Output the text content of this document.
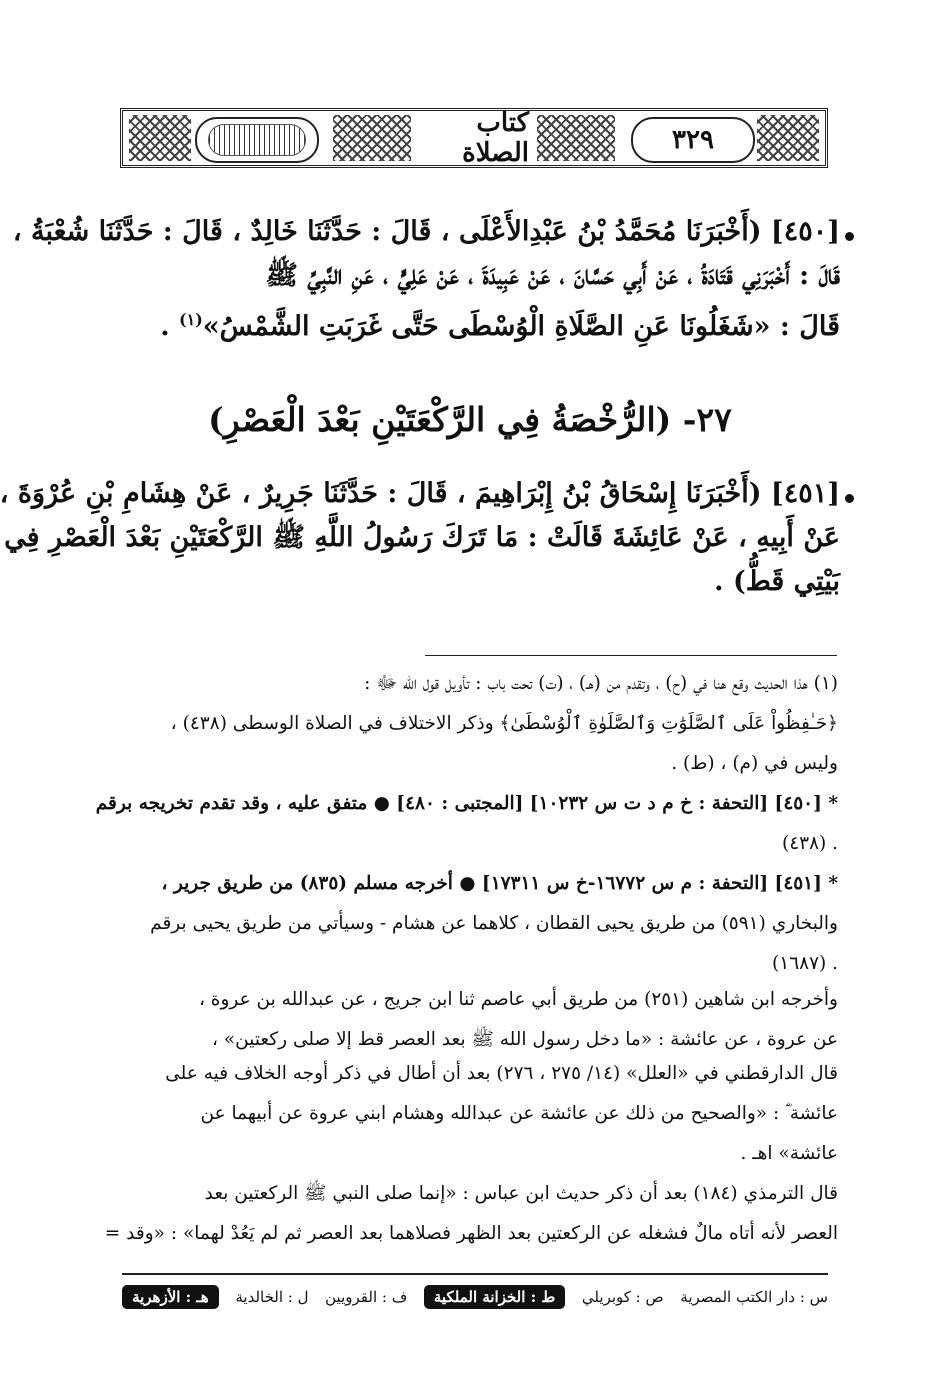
كتاب الصلاة	٣٢٩
[٤٥٠] (أَخْبَرَنَا مُحَمَّدُ بْنُ عَبْدِالأَعْلَى ، قَالَ : حَدَّثَنَا خَالِدٌ ، قَالَ : حَدَّثَنَا شُعْبَةُ ،
قَالَ : أَخْبَرَنِي قَتَادَةُ ، عَنْ أَبِي حَسَّانَ ، عَنْ عَبِيدَةَ ، عَنْ عَلِيٍّ ، عَنِ النَّبِيِّ ﷺ
قَالَ : «شَغَلُونَا عَنِ الصَّلَاةِ الْوُسْطَى حَتَّى غَرَبَتِ الشَّمْسُ»$^{(١)}$ .
٢٧- (الرُّخْصَةُ فِي الرَّكْعَتَيْنِ بَعْدَ الْعَصْرِ)
[٤٥١] (أَخْبَرَنَا إِسْحَاقُ بْنُ إِبْرَاهِيمَ ، قَالَ : حَدَّثَنَا جَرِيرٌ ، عَنْ هِشَامِ بْنِ عُرْوَةَ ،
عَنْ أَبِيهِ ، عَنْ عَائِشَةَ قَالَتْ : مَا تَرَكَ رَسُولُ اللَّهِ ﷺ الرَّكْعَتَيْنِ بَعْدَ الْعَصْرِ فِي
بَيْتِي قَطُّ) .
(١) هذا الحديث وقع هنا في (ح) ، وتقدم من (هـ) ، (ت) تحت باب : تأويل قول الله ﷻ :
﴿حَـٰفِظُواْ عَلَى ٱلصَّلَوَٰتِ وَٱلصَّلَوٰةِ ٱلْوُسْطَىٰ﴾ وذكر الاختلاف في الصلاة الوسطى (٤٣٨) ،
وليس في (م) ، (ط) .
* [٤٥٠] [التحفة : خ م د ت س ١٠٢٣٢] [المجتبى : ٤٨٠] ● متفق عليه ، وقد تقدم تخريجه برقم
. (٤٣٨)
* [٤٥١] [التحفة : م س ١٦٧٧٢-خ س ١٧٣١١] ● أخرجه مسلم (٨٣٥) من طريق جرير ،
والبخاري (٥٩١) من طريق يحيى القطان ، كلاهما عن هشام - وسيأتي من طريق يحيى برقم
. (١٦٨٧)
وأخرجه ابن شاهين (٢٥١) من طريق أبي عاصم ثنا ابن جريج ، عن عبدالله بن عروة ،
عن عروة ، عن عائشة : «ما دخل رسول الله ﷺ بعد العصر قط إلا صلى ركعتين» ،
قال الدارقطني في «العلل» (١٤/ ٢٧٥ ، ٢٧٦) بعد أن أطال في ذكر أوجه الخلاف فيه على
عائشة ؓ : «والصحيح من ذلك عن عائشة عن عبدالله وهشام ابني عروة عن أبيهما عن
عائشة» اهـ .
قال الترمذي (١٨٤) بعد أن ذكر حديث ابن عباس : «إنما صلى النبي ﷺ الركعتين بعد
العصر لأنه أتاه مالٌ فشغله عن الركعتين بعد الظهر فصلاهما بعد العصر ثم لم يَعُدْ لهما» : «وقد =
س : دار الكتب المصرية
ص : كوبريلي
ط : الخزانة الملكية
ف : القرويين
ل : الخالدية
هـ : الأزهرية
